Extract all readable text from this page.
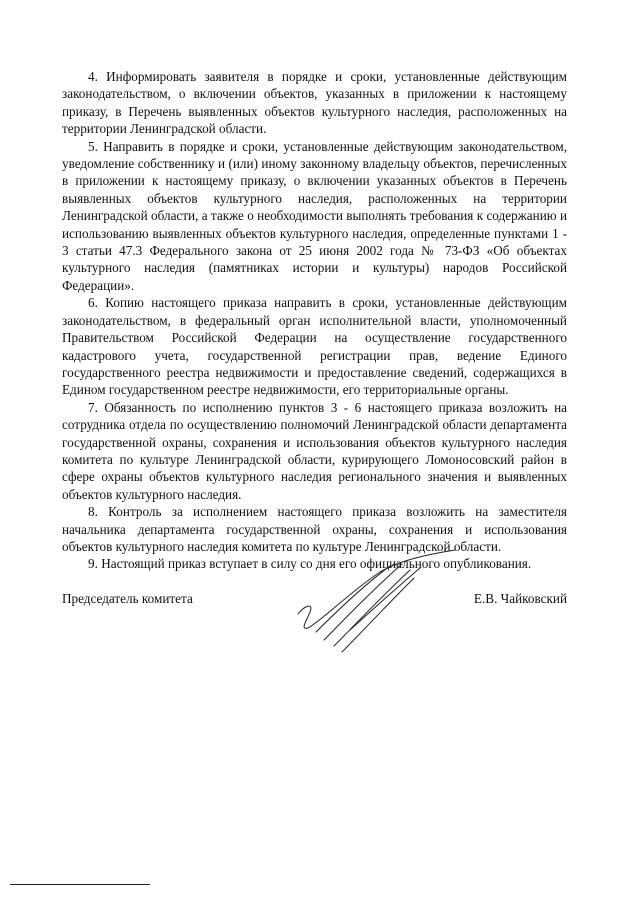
4. Информировать заявителя в порядке и сроки, установленные действующим законодательством, о включении объектов, указанных в приложении к настоящему приказу, в Перечень выявленных объектов культурного наследия, расположенных на территории Ленинградской области.

5. Направить в порядке и сроки, установленные действующим законодательством, уведомление собственнику и (или) иному законному владельцу объектов, перечисленных в приложении к настоящему приказу, о включении указанных объектов в Перечень выявленных объектов культурного наследия, расположенных на территории Ленинградской области, а также о необходимости выполнять требования к содержанию и использованию выявленных объектов культурного наследия, определенные пунктами 1 - 3 статьи 47.3 Федерального закона от 25 июня 2002 года № 73-ФЗ «Об объектах культурного наследия (памятниках истории и культуры) народов Российской Федерации».

6. Копию настоящего приказа направить в сроки, установленные действующим законодательством, в федеральный орган исполнительной власти, уполномоченный Правительством Российской Федерации на осуществление государственного кадастрового учета, государственной регистрации прав, ведение Единого государственного реестра недвижимости и предоставление сведений, содержащихся в Едином государственном реестре недвижимости, его территориальные органы.

7. Обязанность по исполнению пунктов 3 - 6 настоящего приказа возложить на сотрудника отдела по осуществлению полномочий Ленинградской области департамента государственной охраны, сохранения и использования объектов культурного наследия комитета по культуре Ленинградской области, курирующего Ломоносовский район в сфере охраны объектов культурного наследия регионального значения и выявленных объектов культурного наследия.

8. Контроль за исполнением настоящего приказа возложить на заместителя начальника департамента государственной охраны, сохранения и использования объектов культурного наследия комитета по культуре Ленинградской области.

9. Настоящий приказ вступает в силу со дня его официального опубликования.

Председатель комитета	Е.В. Чайковский
